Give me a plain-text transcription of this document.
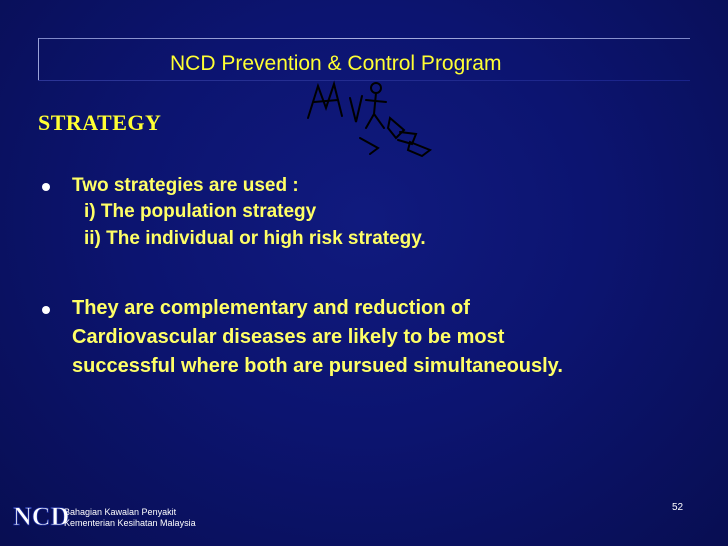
NCD Prevention & Control Program
STRATEGY
Two strategies are used :
i) The population strategy
ii) The individual or high risk strategy.
They are complementary and reduction of
Cardiovascular diseases are likely to be most
successful where both are pursued simultaneously.
52
NCD
Bahagian Kawalan Penyakit
Kementerian Kesihatan Malaysia
